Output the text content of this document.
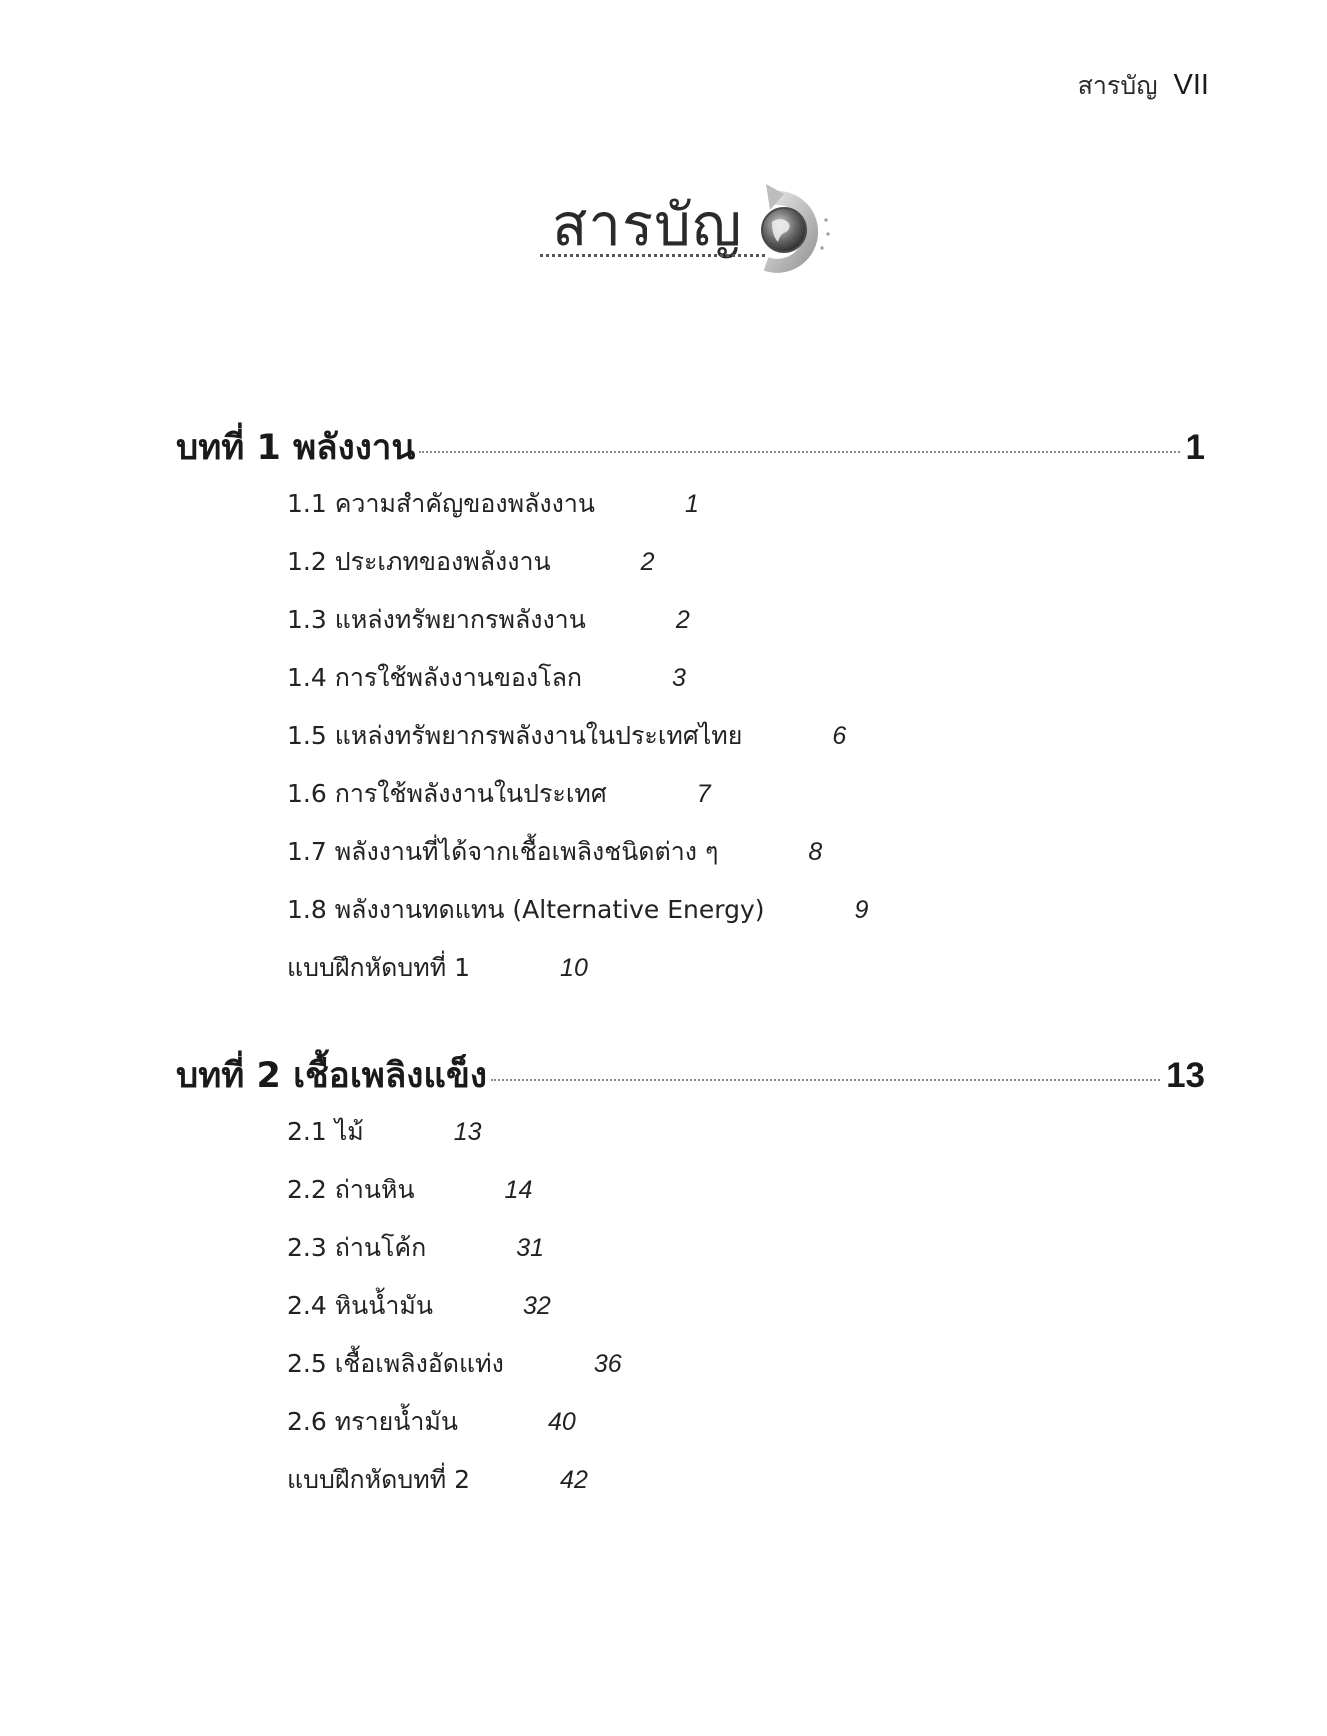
สารบัญ VII
สารบัญ
บทที่ 1 พลังงาน	1
1.1 ความสำคัญของพลังงาน	1
1.2 ประเภทของพลังงาน	2
1.3 แหล่งทรัพยากรพลังงาน	2
1.4 การใช้พลังงานของโลก	3
1.5 แหล่งทรัพยากรพลังงานในประเทศไทย	6
1.6 การใช้พลังงานในประเทศ	7
1.7 พลังงานที่ได้จากเชื้อเพลิงชนิดต่าง ๆ	8
1.8 พลังงานทดแทน (Alternative Energy)	9
แบบฝึกหัดบทที่ 1	10
บทที่ 2 เชื้อเพลิงแข็ง	13
2.1 ไม้	13
2.2 ถ่านหิน	14
2.3 ถ่านโค้ก	31
2.4 หินน้ำมัน	32
2.5 เชื้อเพลิงอัดแท่ง	36
2.6 ทรายน้ำมัน	40
แบบฝึกหัดบทที่ 2	42
